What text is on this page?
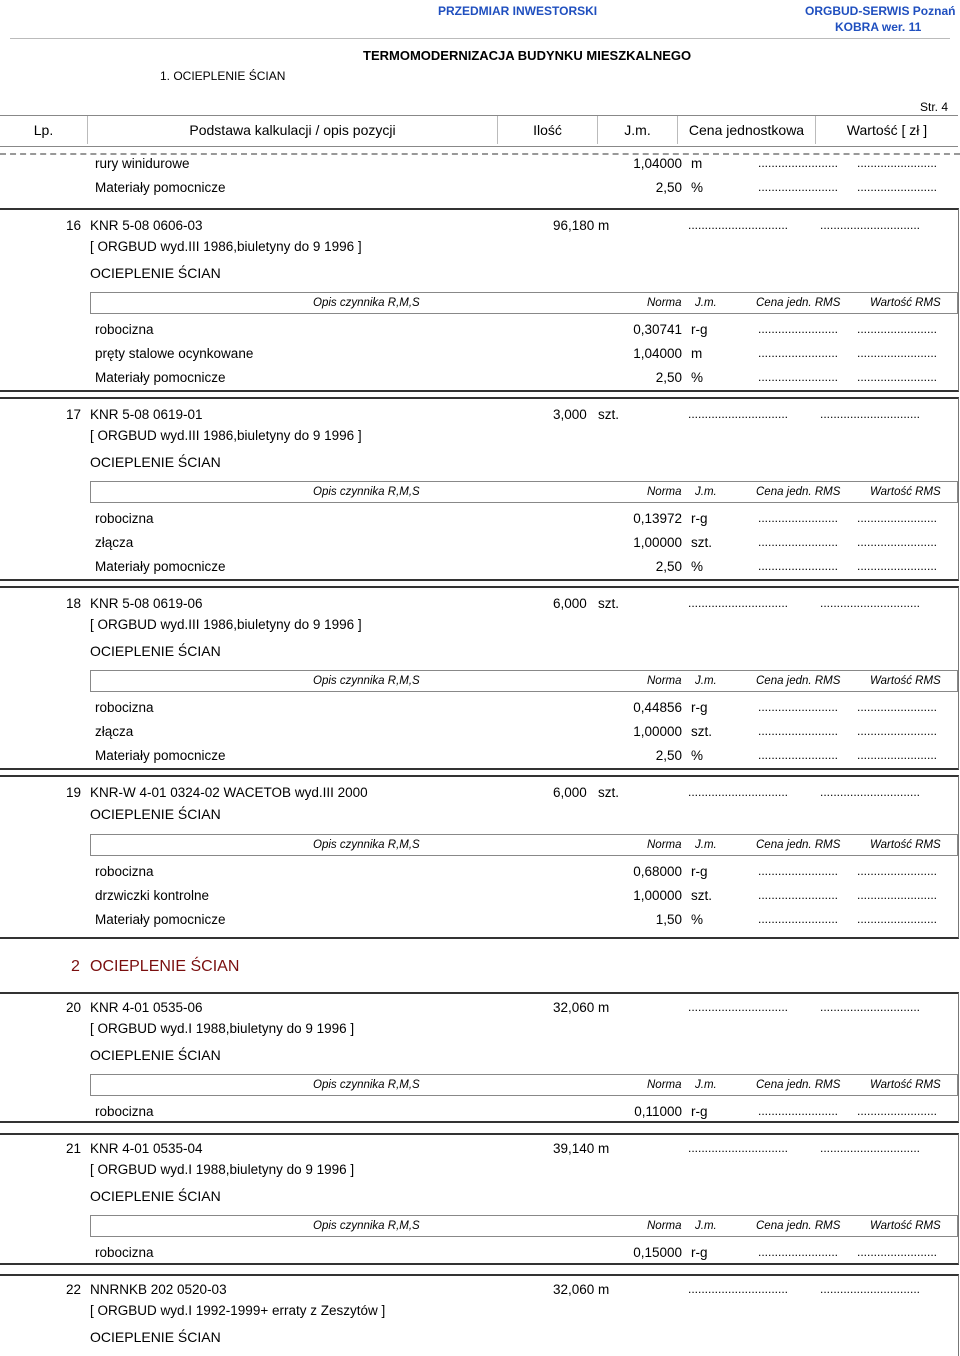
PRZEDMIAR INWESTORSKI	ORGBUD-SERWIS Poznań
KOBRA wer. 11
TERMOMODERNIZACJA BUDYNKU MIESZKALNEGO
1. OCIEPLENIE ŚCIAN
Str. 4
Lp.	Podstawa kalkulacji / opis pozycji	Ilość	J.m.	Cena jednostkowa	Wartość [ zł ]
rury winidurowe	1,04000 m	........................ ........................
Materiały pomocnicze	2,50 %	........................ ........................
16 KNR 5-08 0606-03	96,180 m	..............................	..............................
[ ORGBUD wyd.III 1986,biuletyny do 9 1996 ]
OCIEPLENIE ŚCIAN
Opis czynnika R,M,S	Norma J.m.	Cena jedn. RMS	Wartość RMS
robocizna	0,30741 r-g	........................ ........................
pręty stalowe ocynkowane	1,04000 m	........................ ........................
Materiały pomocnicze	2,50 %	........................ ........................
17 KNR 5-08 0619-01	3,000 szt.	..............................	..............................
[ ORGBUD wyd.III 1986,biuletyny do 9 1996 ]
OCIEPLENIE ŚCIAN
Opis czynnika R,M,S	Norma J.m.	Cena jedn. RMS	Wartość RMS
robocizna	0,13972 r-g	........................ ........................
złącza	1,00000 szt.	........................ ........................
Materiały pomocnicze	2,50 %	........................ ........................
18 KNR 5-08 0619-06	6,000 szt.	..............................	..............................
[ ORGBUD wyd.III 1986,biuletyny do 9 1996 ]
OCIEPLENIE ŚCIAN
Opis czynnika R,M,S	Norma J.m.	Cena jedn. RMS	Wartość RMS
robocizna	0,44856 r-g	........................ ........................
złącza	1,00000 szt.	........................ ........................
Materiały pomocnicze	2,50 %	........................ ........................
19 KNR-W 4-01 0324-02 WACETOB wyd.III 2000	6,000 szt.	..............................	..............................
OCIEPLENIE ŚCIAN
Opis czynnika R,M,S	Norma J.m.	Cena jedn. RMS	Wartość RMS
robocizna	0,68000 r-g	........................ ........................
drzwiczki kontrolne	1,00000 szt.	........................ ........................
Materiały pomocnicze	1,50 %	........................ ........................
20 KNR 4-01 0535-06	32,060 m	..............................	..............................
[ ORGBUD wyd.I 1988,biuletyny do 9 1996 ]
OCIEPLENIE ŚCIAN
Opis czynnika R,M,S	Norma J.m.	Cena jedn. RMS	Wartość RMS
robocizna	0,11000 r-g	........................ ........................
21 KNR 4-01 0535-04	39,140 m	..............................	..............................
[ ORGBUD wyd.I 1988,biuletyny do 9 1996 ]
OCIEPLENIE ŚCIAN
Opis czynnika R,M,S	Norma J.m.	Cena jedn. RMS	Wartość RMS
robocizna	0,15000 r-g	........................ ........................
22 NNRNKB 202 0520-03	32,060 m	..............................	..............................
[ ORGBUD wyd.I 1992-1999+ erraty z Zeszytów ]
OCIEPLENIE ŚCIAN
2 OCIEPLENIE ŚCIAN
